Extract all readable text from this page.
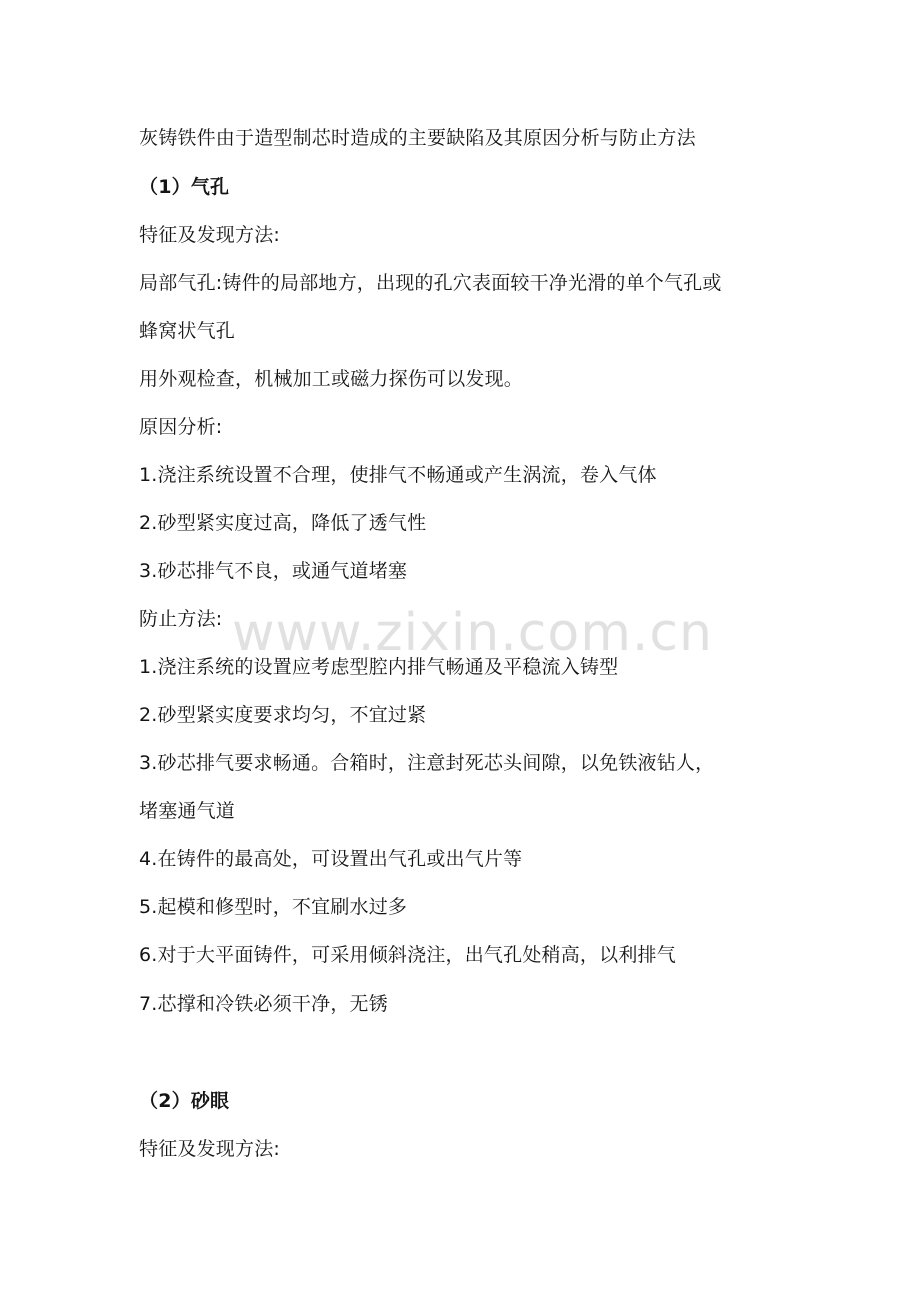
灰铸铁件由于造型制芯时造成的主要缺陷及其原因分析与防止方法
（1）气孔
特征及发现方法:
局部气孔:铸件的局部地方，出现的孔穴表面较干净光滑的单个气孔或
蜂窝状气孔
用外观检查，机械加工或磁力探伤可以发现。
原因分析:
1.浇注系统设置不合理，使排气不畅通或产生涡流，卷入气体
2.砂型紧实度过高，降低了透气性
3.砂芯排气不良，或通气道堵塞
防止方法:
1.浇注系统的设置应考虑型腔内排气畅通及平稳流入铸型
2.砂型紧实度要求均匀，不宜过紧
3.砂芯排气要求畅通。合箱时，注意封死芯头间隙，以免铁液钻人，
堵塞通气道
4.在铸件的最高处，可设置出气孔或出气片等
5.起模和修型时，不宜刷水过多
6.对于大平面铸件，可采用倾斜浇注，出气孔处稍高，以利排气
7.芯撑和冷铁必须干净，无锈
（2）砂眼
特征及发现方法:
www.zixin.com.cn
